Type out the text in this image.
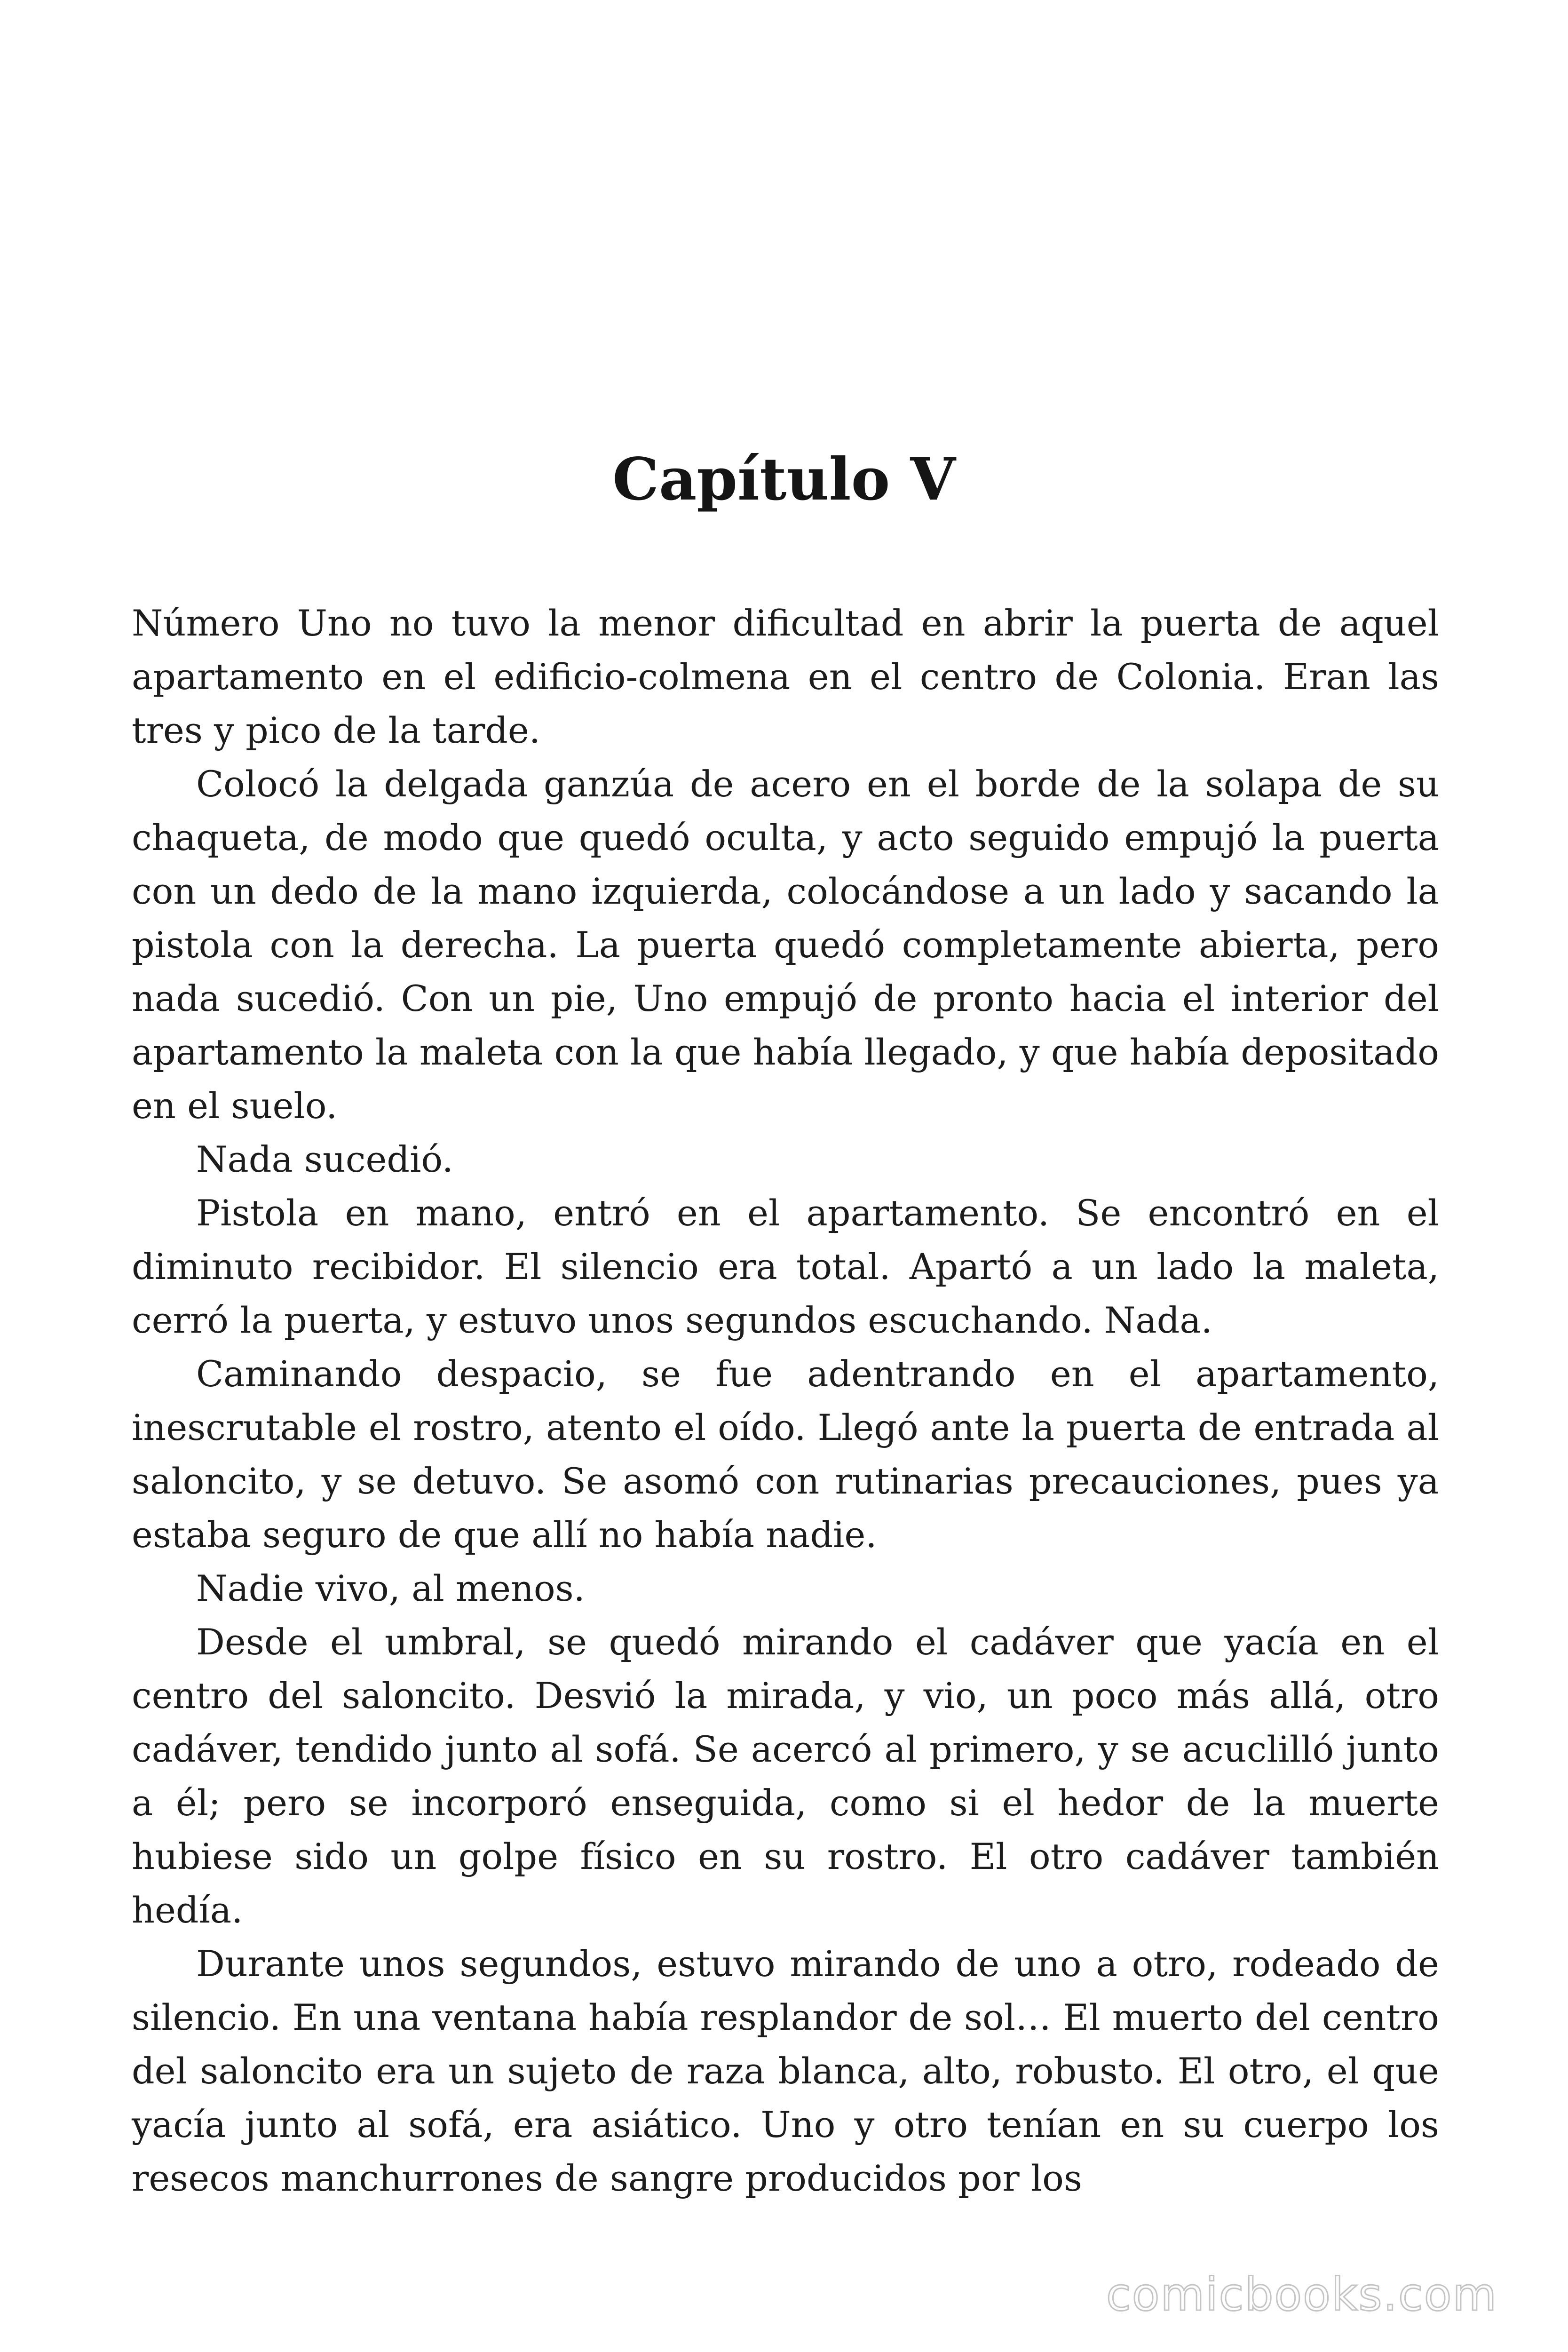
Capítulo V

Número Uno no tuvo la menor dificultad en abrir la puerta de aquel apartamento en el edificio-colmena en el centro de Colonia. Eran las tres y pico de la tarde.

Colocó la delgada ganzúa de acero en el borde de la solapa de su chaqueta, de modo que quedó oculta, y acto seguido empujó la puerta con un dedo de la mano izquierda, colocándose a un lado y sacando la pistola con la derecha. La puerta quedó completamente abierta, pero nada sucedió. Con un pie, Uno empujó de pronto hacia el interior del apartamento la maleta con la que había llegado, y que había depositado en el suelo.

Nada sucedió.

Pistola en mano, entró en el apartamento. Se encontró en el diminuto recibidor. El silencio era total. Apartó a un lado la maleta, cerró la puerta, y estuvo unos segundos escuchando. Nada.

Caminando despacio, se fue adentrando en el apartamento, inescrutable el rostro, atento el oído. Llegó ante la puerta de entrada al saloncito, y se detuvo. Se asomó con rutinarias precauciones, pues ya estaba seguro de que allí no había nadie.

Nadie vivo, al menos.

Desde el umbral, se quedó mirando el cadáver que yacía en el centro del saloncito. Desvió la mirada, y vio, un poco más allá, otro cadáver, tendido junto al sofá. Se acercó al primero, y se acuclilló junto a él; pero se incorporó enseguida, como si el hedor de la muerte hubiese sido un golpe físico en su rostro. El otro cadáver también hedía.

Durante unos segundos, estuvo mirando de uno a otro, rodeado de silencio. En una ventana había resplandor de sol… El muerto del centro del saloncito era un sujeto de raza blanca, alto, robusto. El otro, el que yacía junto al sofá, era asiático. Uno y otro tenían en su cuerpo los resecos manchurrones de sangre producidos por los

comicbooks.com
